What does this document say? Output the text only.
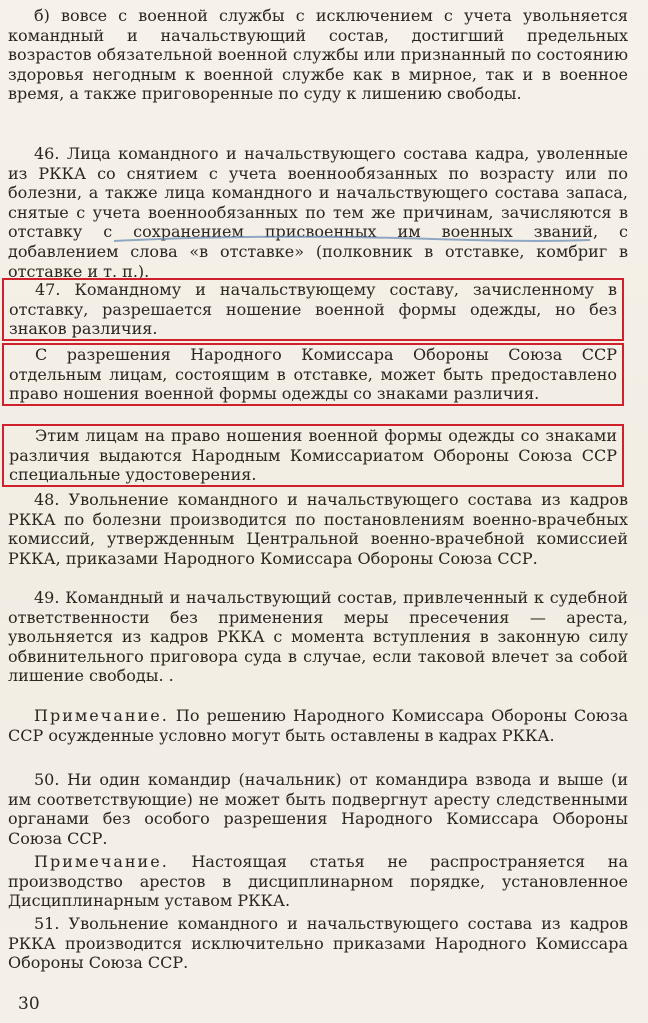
б) вовсе с военной службы с исключением с учета увольняется командный и начальствующий состав, достигший предельных возрастов обязательной военной службы или признанный по состоянию здоровья негодным к военной службе как в мирное, так и в военное время, а также приговоренные по суду к лишению свободы.

46. Лица командного и начальствующего состава кадра, уволенные из РККА со снятием с учета военнообязанных по возрасту или по болезни, а также лица командного и начальствующего состава запаса, снятые с учета военнообязанных по тем же причинам, зачисляются в отставку с сохранением присвоенных им военных званий, с добавлением слова «в отставке» (полковник в отставке, комбриг в отставке и т. п.).

47. Командному и начальствующему составу, зачисленному в отставку, разрешается ношение военной формы одежды, но без знаков различия.

С разрешения Народного Комиссара Обороны Союза ССР отдельным лицам, состоящим в отставке, может быть предоставлено право ношения военной формы одежды со знаками различия.

Этим лицам на право ношения военной формы одежды со знаками различия выдаются Народным Комиссариатом Обороны Союза ССР специальные удостоверения.

48. Увольнение командного и начальствующего состава из кадров РККА по болезни производится по постановлениям военно-врачебных комиссий, утвержденным Центральной военно-врачебной комиссией РККА, приказами Народного Комиссара Обороны Союза ССР.

49. Командный и начальствующий состав, привлеченный к судебной ответственности без применения меры пресечения — ареста, увольняется из кадров РККА с момента вступления в законную силу обвинительного приговора суда в случае, если таковой влечет за собой лишение свободы. .

Примечание. По решению Народного Комиссара Обороны Союза ССР осужденные условно могут быть оставлены в кадрах РККА.

50. Ни один командир (начальник) от командира взвода и выше (и им соответствующие) не может быть подвергнут аресту следственными органами без особого разрешения Народного Комиссара Обороны Союза ССР.

Примечание. Настоящая статья не распространяется на производство арестов в дисциплинарном порядке, установленное Дисциплинарным уставом РККА.

51. Увольнение командного и начальствующего состава из кадров РККА производится исключительно приказами Народного Комиссара Обороны Союза ССР.

30
